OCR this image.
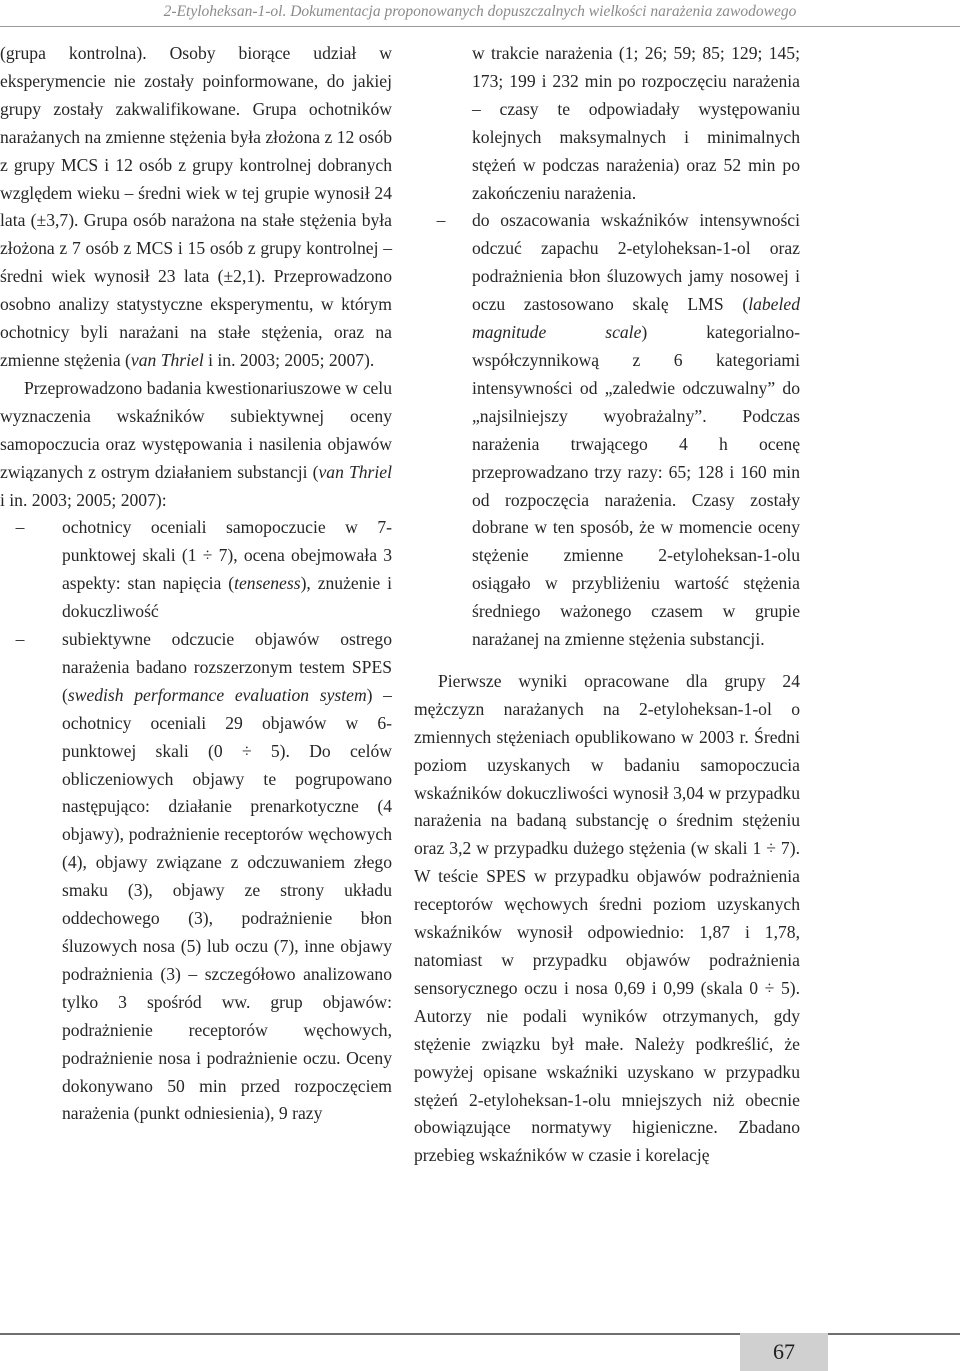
2-Etyloheksan-1-ol. Dokumentacja proponowanych dopuszczalnych wielkości narażenia zawodowego

(grupa kontrolna). Osoby biorące udział w eksperymencie nie zostały poinformowane, do jakiej grupy zostały zakwalifikowane. Grupa ochotników narażanych na zmienne stężenia była złożona z 12 osób z grupy MCS i 12 osób z grupy kontrolnej dobranych względem wieku – średni wiek w tej grupie wynosił 24 lata (±3,7). Grupa osób narażona na stałe stężenia była złożona z 7 osób z MCS i 15 osób z grupy kontrolnej – średni wiek wynosił 23 lata (±2,1). Przeprowadzono osobno analizy statystyczne eksperymentu, w którym ochotnicy byli narażani na stałe stężenia, oraz na zmienne stężenia (van Thriel i in. 2003; 2005; 2007).

Przeprowadzono badania kwestionariuszowe w celu wyznaczenia wskaźników subiektywnej oceny samopoczucia oraz występowania i nasilenia objawów związanych z ostrym działaniem substancji (van Thriel i in. 2003; 2005; 2007):

–	ochotnicy oceniali samopoczucie w 7-punktowej skali (1 ÷ 7), ocena obejmowała 3 aspekty: stan napięcia (tenseness), znużenie i dokuczliwość

–	subiektywne odczucie objawów ostrego narażenia badano rozszerzonym testem SPES (swedish performance evaluation system) – ochotnicy oceniali 29 objawów w 6-punktowej skali (0 ÷ 5). Do celów obliczeniowych objawy te pogrupowano następująco: działanie prenarkotyczne (4 objawy), podrażnienie receptorów węchowych (4), objawy związane z odczuwaniem złego smaku (3), objawy ze strony układu oddechowego (3), podrażnienie błon śluzowych nosa (5) lub oczu (7), inne objawy podrażnienia (3) – szczegółowo analizowano tylko 3 spośród ww. grup objawów: podrażnienie receptorów węchowych, podrażnienie nosa i podrażnienie oczu. Oceny dokonywano 50 min przed rozpoczęciem narażenia (punkt odniesienia), 9 razy

w trakcie narażenia (1; 26; 59; 85; 129; 145; 173; 199 i 232 min po rozpoczęciu narażenia – czasy te odpowiadały występowaniu kolejnych maksymalnych i minimalnych stężeń w podczas narażenia) oraz 52 min po zakończeniu narażenia.

–	do oszacowania wskaźników intensywności odczuć zapachu 2-etyloheksan-1-ol oraz podrażnienia błon śluzowych jamy nosowej i oczu zastosowano skalę LMS (labeled magnitude scale) kategorialno-współczynnikową z 6 kategoriami intensywności od „zaledwie odczuwalny” do „najsilniejszy wyobrażalny”. Podczas narażenia trwającego 4 h ocenę przeprowadzano trzy razy: 65; 128 i 160 min od rozpoczęcia narażenia. Czasy zostały dobrane w ten sposób, że w momencie oceny stężenie zmienne 2-etyloheksan-1-olu osiągało w przybliżeniu wartość stężenia średniego ważonego czasem w grupie narażanej na zmienne stężenia substancji.

Pierwsze wyniki opracowane dla grupy 24 mężczyzn narażanych na 2-etyloheksan-1-ol o zmiennych stężeniach opublikowano w 2003 r. Średni poziom uzyskanych w badaniu samopoczucia wskaźników dokuczliwości wynosił 3,04 w przypadku narażenia na badaną substancję o średnim stężeniu oraz 3,2 w przypadku dużego stężenia (w skali 1 ÷ 7). W teście SPES w przypadku objawów podrażnienia receptorów węchowych średni poziom uzyskanych wskaźników wynosił odpowiednio: 1,87 i 1,78, natomiast w przypadku objawów podrażnienia sensorycznego oczu i nosa 0,69 i 0,99 (skala 0 ÷ 5). Autorzy nie podali wyników otrzymanych, gdy stężenie związku był małe. Należy podkreślić, że powyżej opisane wskaźniki uzyskano w przypadku stężeń 2-etyloheksan-1-olu mniejszych niż obecnie obowiązujące normatywy higieniczne. Zbadano przebieg wskaźników w czasie i korelację

67
